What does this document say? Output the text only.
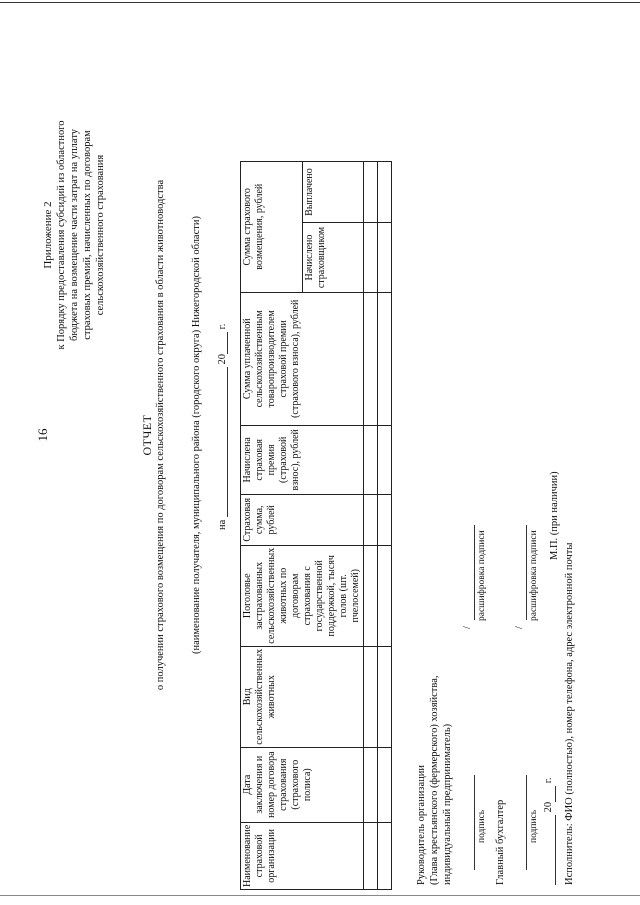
16
Приложение 2 к Порядку предоставления субсидий из областного бюджета на возмещение части затрат на уплату страховых премий, начисленных по договорам сельскохозяйственного страхования
ОТЧЕТ о получении страхового возмещения по договорам сельскохозяйственного страхования в области животноводства (наименование получателя, муниципального района (городского округа) Нижегородской области) на   20  г.
Наименование страховой организации	Дата заключения и номер договора страхования (страхового полиса)	Вид сельскохозяйственных животных	Поголовье застрахованных сельскохозяйственных животных по договорам страхования с государственной поддержкой, тысяч голов (шт. пчелосемей)	Страховая сумма, рублей	Начислена страховая премия (страховой взнос), рублей	Сумма уплаченной сельскохозяйственным товаропроизводителем страховой премии (страхового взноса), рублей	Сумма страхового возмещения, рублей	
							Начислено страховщиком	Выплачено

Руководитель организации (Глава крестьянского (фермерского) хозяйства, индивидуальный предприниматель)
/
подпись
расшифровка подписи
Главный бухгалтер
/
подпись
расшифровка подписи
20  г.
М.П. (при наличии)
Исполнитель: ФИО (полностью), номер телефона, адрес электронной почты
